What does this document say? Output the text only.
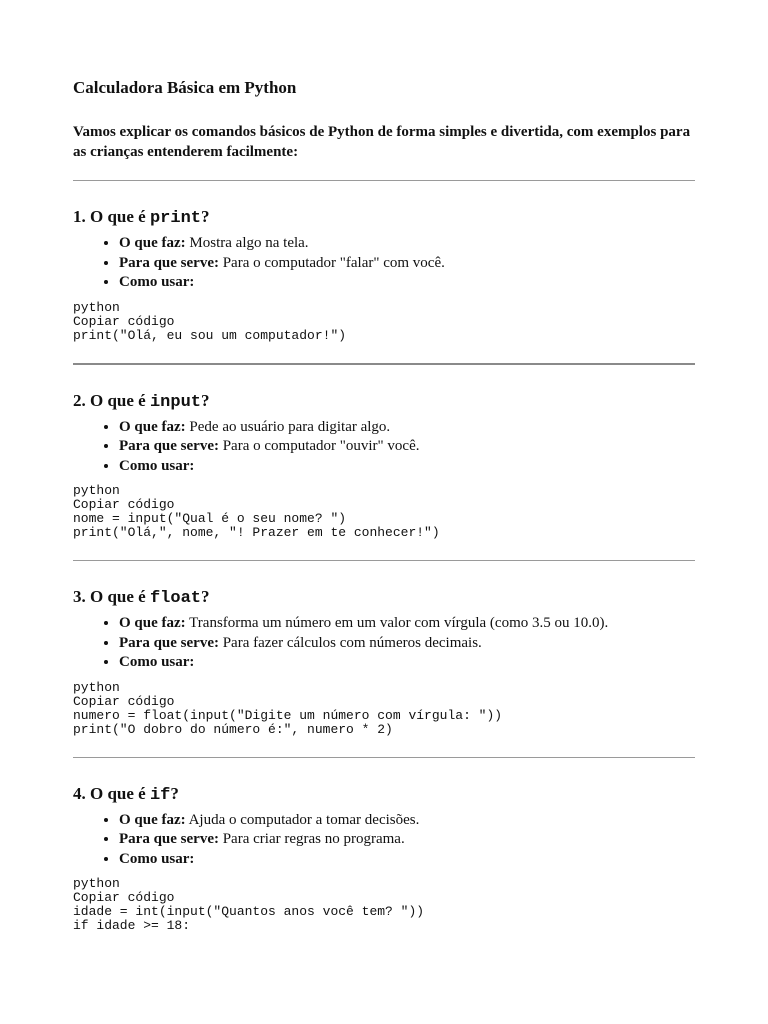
Calculadora Básica em Python

Vamos explicar os comandos básicos de Python de forma simples e divertida, com exemplos para as crianças entenderem facilmente:

1. O que é print?
• O que faz: Mostra algo na tela.
• Para que serve: Para o computador "falar" com você.
• Como usar:
python
Copiar código
print("Olá, eu sou um computador!")
2. O que é input?
• O que faz: Pede ao usuário para digitar algo.
• Para que serve: Para o computador "ouvir" você.
• Como usar:
python
Copiar código
nome = input("Qual é o seu nome? ")
print("Olá,", nome, "! Prazer em te conhecer!")
3. O que é float?
• O que faz: Transforma um número em um valor com vírgula (como 3.5 ou 10.0).
• Para que serve: Para fazer cálculos com números decimais.
• Como usar:
python
Copiar código
numero = float(input("Digite um número com vírgula: "))
print("O dobro do número é:", numero * 2)
4. O que é if?
• O que faz: Ajuda o computador a tomar decisões.
• Para que serve: Para criar regras no programa.
• Como usar:
python
Copiar código
idade = int(input("Quantos anos você tem? "))
if idade >= 18:
